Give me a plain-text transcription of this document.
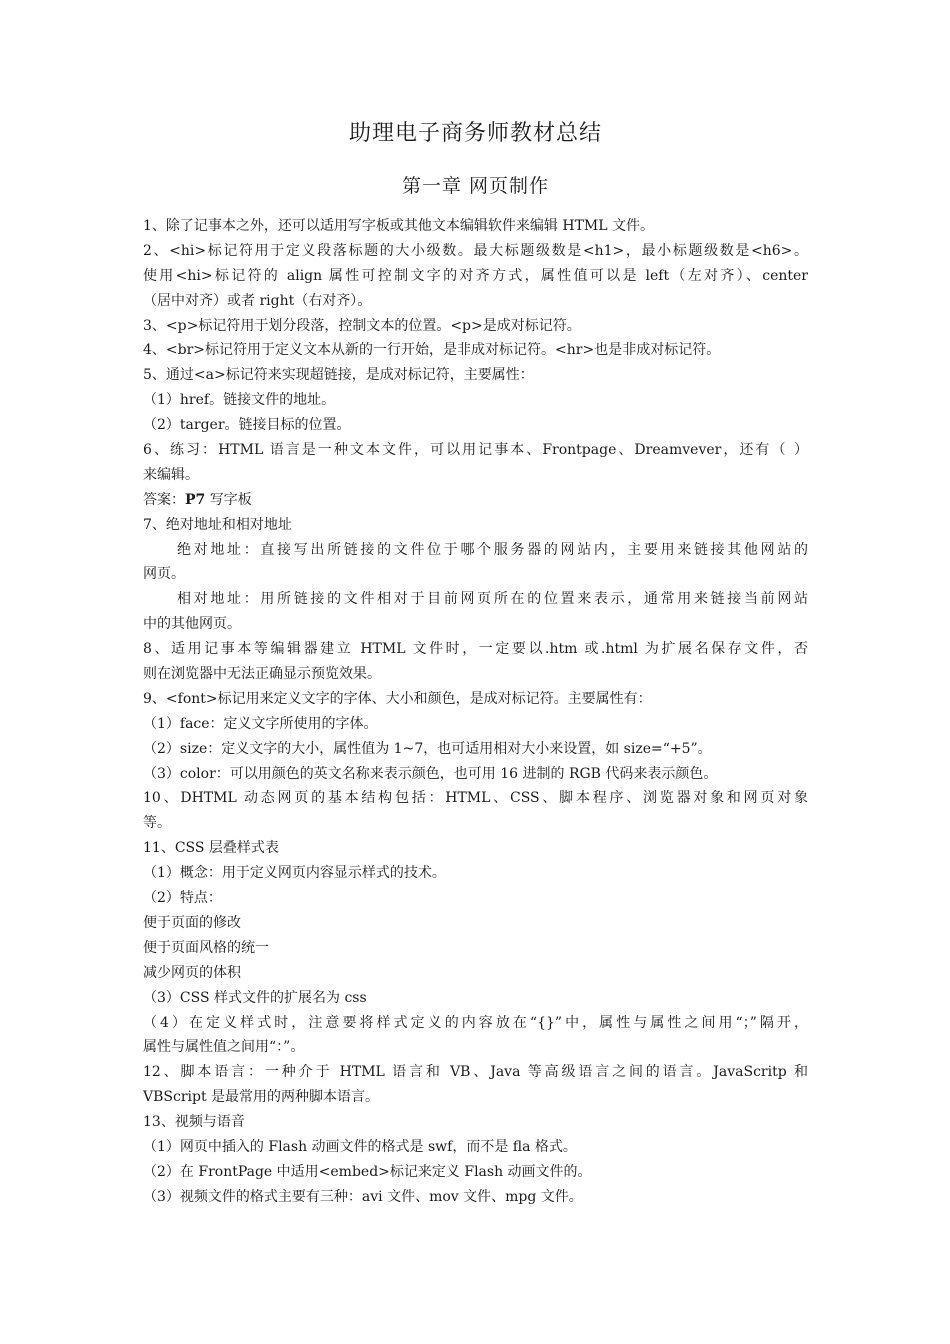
助理电子商务师教材总结
第一章 网页制作
1、除了记事本之外，还可以适用写字板或其他文本编辑软件来编辑 HTML 文件。
2、<hi>标记符用于定义段落标题的大小级数。最大标题级数是<h1>，最小标题级数是<h6>。
使用<hi>标记符的 align 属性可控制文字的对齐方式，属性值可以是 left（左对齐）、center
（居中对齐）或者 right（右对齐）。
3、<p>标记符用于划分段落，控制文本的位置。<p>是成对标记符。
4、<br>标记符用于定义文本从新的一行开始，是非成对标记符。<hr>也是非成对标记符。
5、通过<a>标记符来实现超链接，是成对标记符，主要属性：
（1）href。链接文件的地址。
（2）targer。链接目标的位置。
6、练习：HTML 语言是一种文本文件，可以用记事本、Frontpage、Dreamvever，还有（ ）
来编辑。
答案：P7 写字板
7、绝对地址和相对地址
绝对地址：直接写出所链接的文件位于哪个服务器的网站内，主要用来链接其他网站的
网页。
相对地址：用所链接的文件相对于目前网页所在的位置来表示，通常用来链接当前网站
中的其他网页。
8、适用记事本等编辑器建立 HTML 文件时，一定要以.htm 或.html 为扩展名保存文件，否
则在浏览器中无法正确显示预览效果。
9、<font>标记用来定义文字的字体、大小和颜色，是成对标记符。主要属性有：
（1）face：定义文字所使用的字体。
（2）size：定义文字的大小，属性值为 1~7，也可适用相对大小来设置，如 size=“+5”。
（3）color：可以用颜色的英文名称来表示颜色，也可用 16 进制的 RGB 代码来表示颜色。
10、DHTML 动态网页的基本结构包括：HTML、CSS、脚本程序、浏览器对象和网页对象
等。
11、CSS 层叠样式表
（1）概念：用于定义网页内容显示样式的技术。
（2）特点：
便于页面的修改
便于页面风格的统一
减少网页的体积
（3）CSS 样式文件的扩展名为 css
（4）在定义样式时，注意要将样式定义的内容放在“{}”中，属性与属性之间用“；”隔开，
属性与属性值之间用“：”。
12、脚本语言：一种介于 HTML 语言和 VB、Java 等高级语言之间的语言。JavaScritp 和
VBScript 是最常用的两种脚本语言。
13、视频与语音
（1）网页中插入的 Flash 动画文件的格式是 swf，而不是 fla 格式。
（2）在 FrontPage 中适用<embed>标记来定义 Flash 动画文件的。
（3）视频文件的格式主要有三种：avi 文件、mov 文件、mpg 文件。
